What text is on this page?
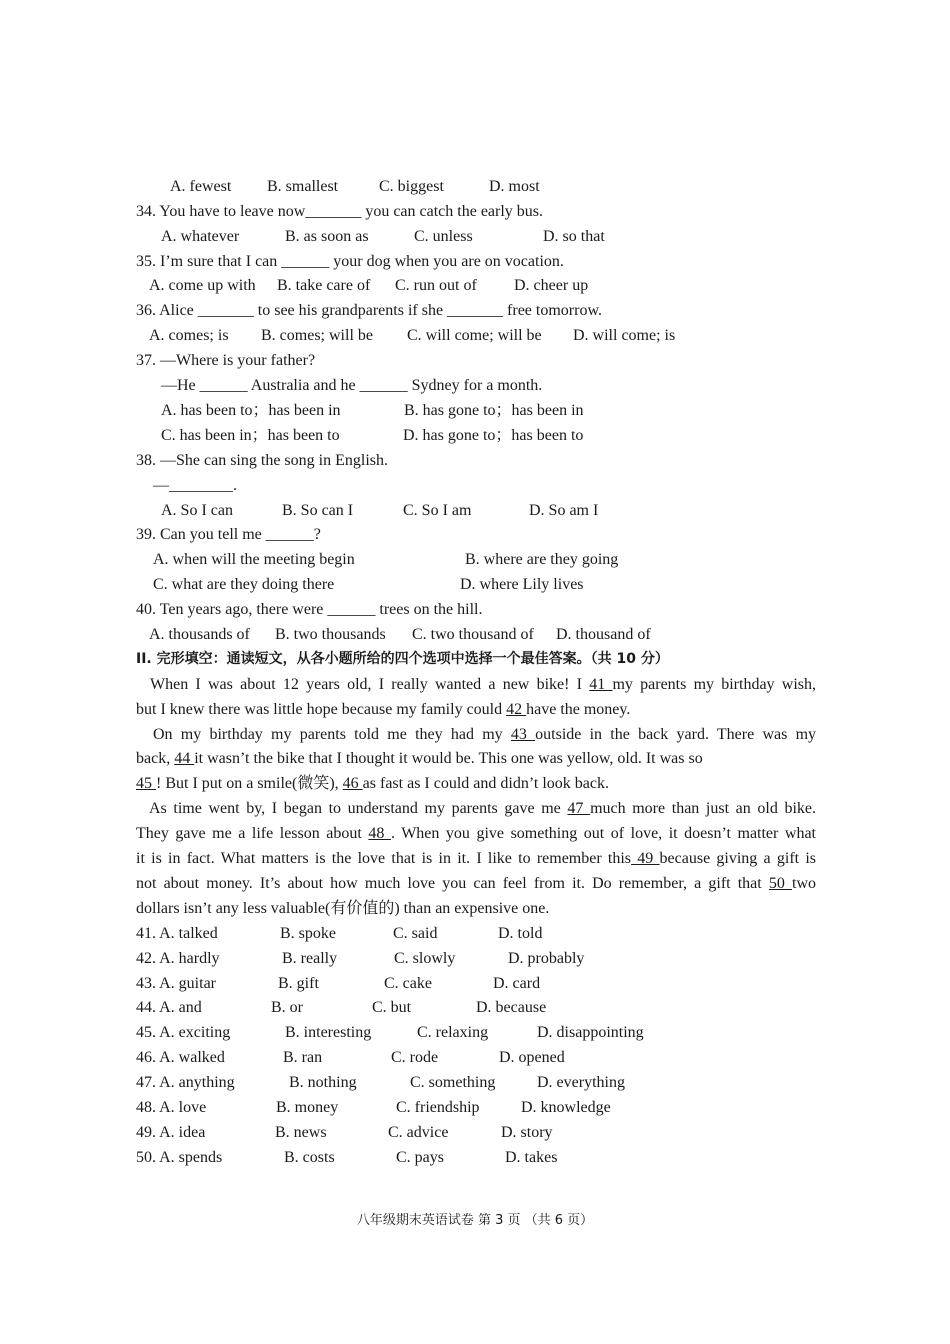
A. fewest B. smallest	C. biggest	D. most
34. You have to leave now_______ you can catch the early bus.
A. whatever	B. as soon as	C. unless	D. so that
35. I’m sure that I can ______ your dog when you are on vocation.
A. come up with B. take care of C. run out of D. cheer up
36. Alice _______ to see his grandparents if she _______ free tomorrow.
A. comes; is B. comes; will be C. will come; will be D. will come; is
37. —Where is your father?
—He ______ Australia and he ______ Sydney for a month.
A. has been to；has been in	B. has gone to；has been in
C. has been in；has been to	D. has gone to；has been to
38. —She can sing the song in English.
—________.
A. So I can	B. So can I	C. So I am	D. So am I
39. Can you tell me ______?
A. when will the meeting begin	B. where are they going
C. what are they doing there	D. where Lily lives
40. Ten years ago, there were ______ trees on the hill.
A. thousands of B. two thousands C. two thousand of D. thousand of
II. 完形填空：通读短文，从各小题所给的四个选项中选择一个最佳答案。（共 10 分）
When I was about 12 years old, I really wanted a new bike! I 41 my parents my birthday wish,
but I knew there was little hope because my family could 42 have the money.
On my birthday my parents told me they had my 43 outside in the back yard. There was my
back, 44 it wasn’t the bike that I thought it would be. This one was yellow, old. It was so
45 ! But I put on a smile(微笑), 46 as fast as I could and didn’t look back.
As time went by, I began to understand my parents gave me 47 much more than just an old bike.
They gave me a life lesson about 48 . When you give something out of love, it doesn’t matter what
it is in fact. What matters is the love that is in it. I like to remember this 49 because giving a gift is
not about money. It’s about how much love you can feel from it. Do remember, a gift that 50 two
dollars isn’t any less valuable(有价值的) than an expensive one.
41. A. talked	B. spoke	C. said	D. told
42. A. hardly	B. really	C. slowly	D. probably
43. A. guitar	B. gift	C. cake	D. card
44. A. and	B. or	C. but	D. because
45. A. exciting	B. interesting	C. relaxing	D. disappointing
46. A. walked	B. ran	C. rode	D. opened
47. A. anything	B. nothing	C. something	D. everything
48. A. love	B. money	C. friendship	D. knowledge
49. A. idea	B. news	C. advice	D. story
50. A. spends	B. costs	C. pays	D. takes
八年级期末英语试卷 第 3 页 （共 6 页）
